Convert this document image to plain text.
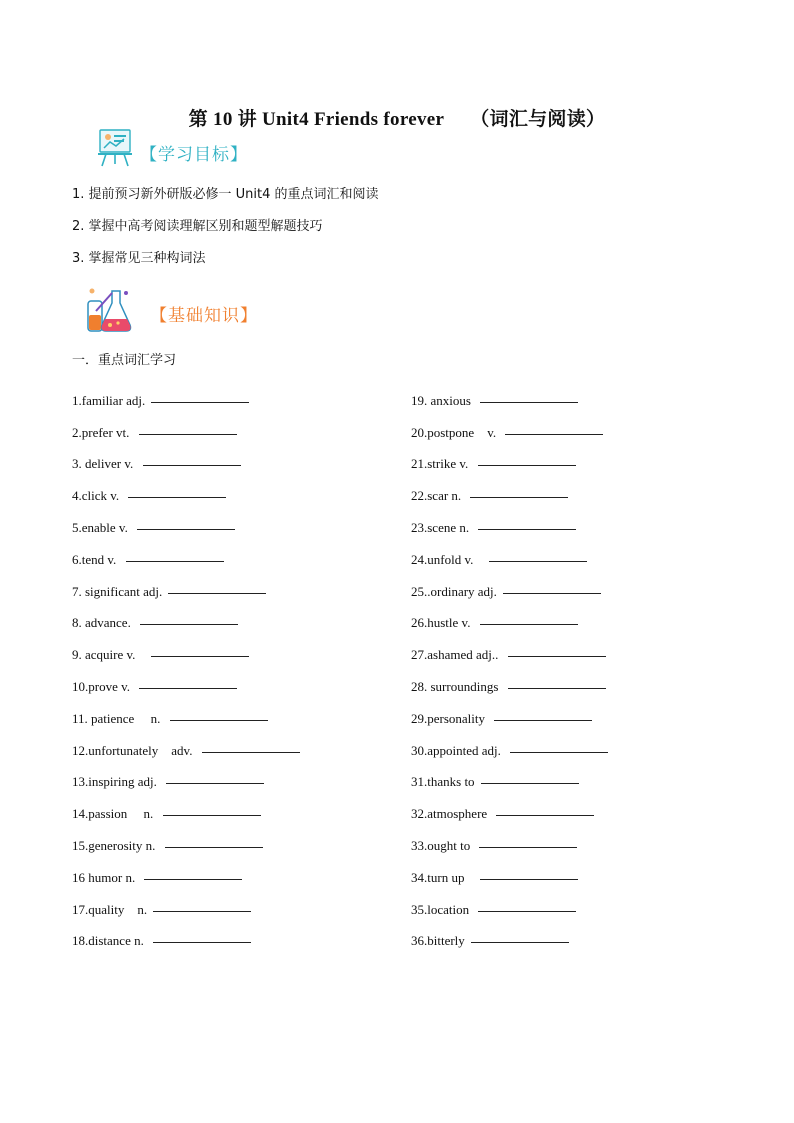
第 10 讲 Unit4 Friends forever （词汇与阅读）
【学习目标】
1. 提前预习新外研版必修一 Unit4 的重点词汇和阅读
2. 掌握中高考阅读理解区别和题型解题技巧
3. 掌握常见三种构词法
【基础知识】
一．重点词汇学习
1.familiar adj.
2.prefer vt.
3. deliver v.
4.click v.
5.enable v.
6.tend v.
7. significant adj.
8. advance.
9. acquire v.
10.prove v.
11. patience     n.
12.unfortunately    adv.
13.inspiring adj.
14.passion     n.
15.generosity n.
16 humor n.
17.quality    n.
18.distance n.
19. anxious
20.postpone    v.
21.strike v.
22.scar n.
23.scene n.
24.unfold v.
25..ordinary adj.
26.hustle v.
27.ashamed adj..
28. surroundings
29.personality
30.appointed adj.
31.thanks to
32.atmosphere
33.ought to
34.turn up
35.location
36.bitterly
